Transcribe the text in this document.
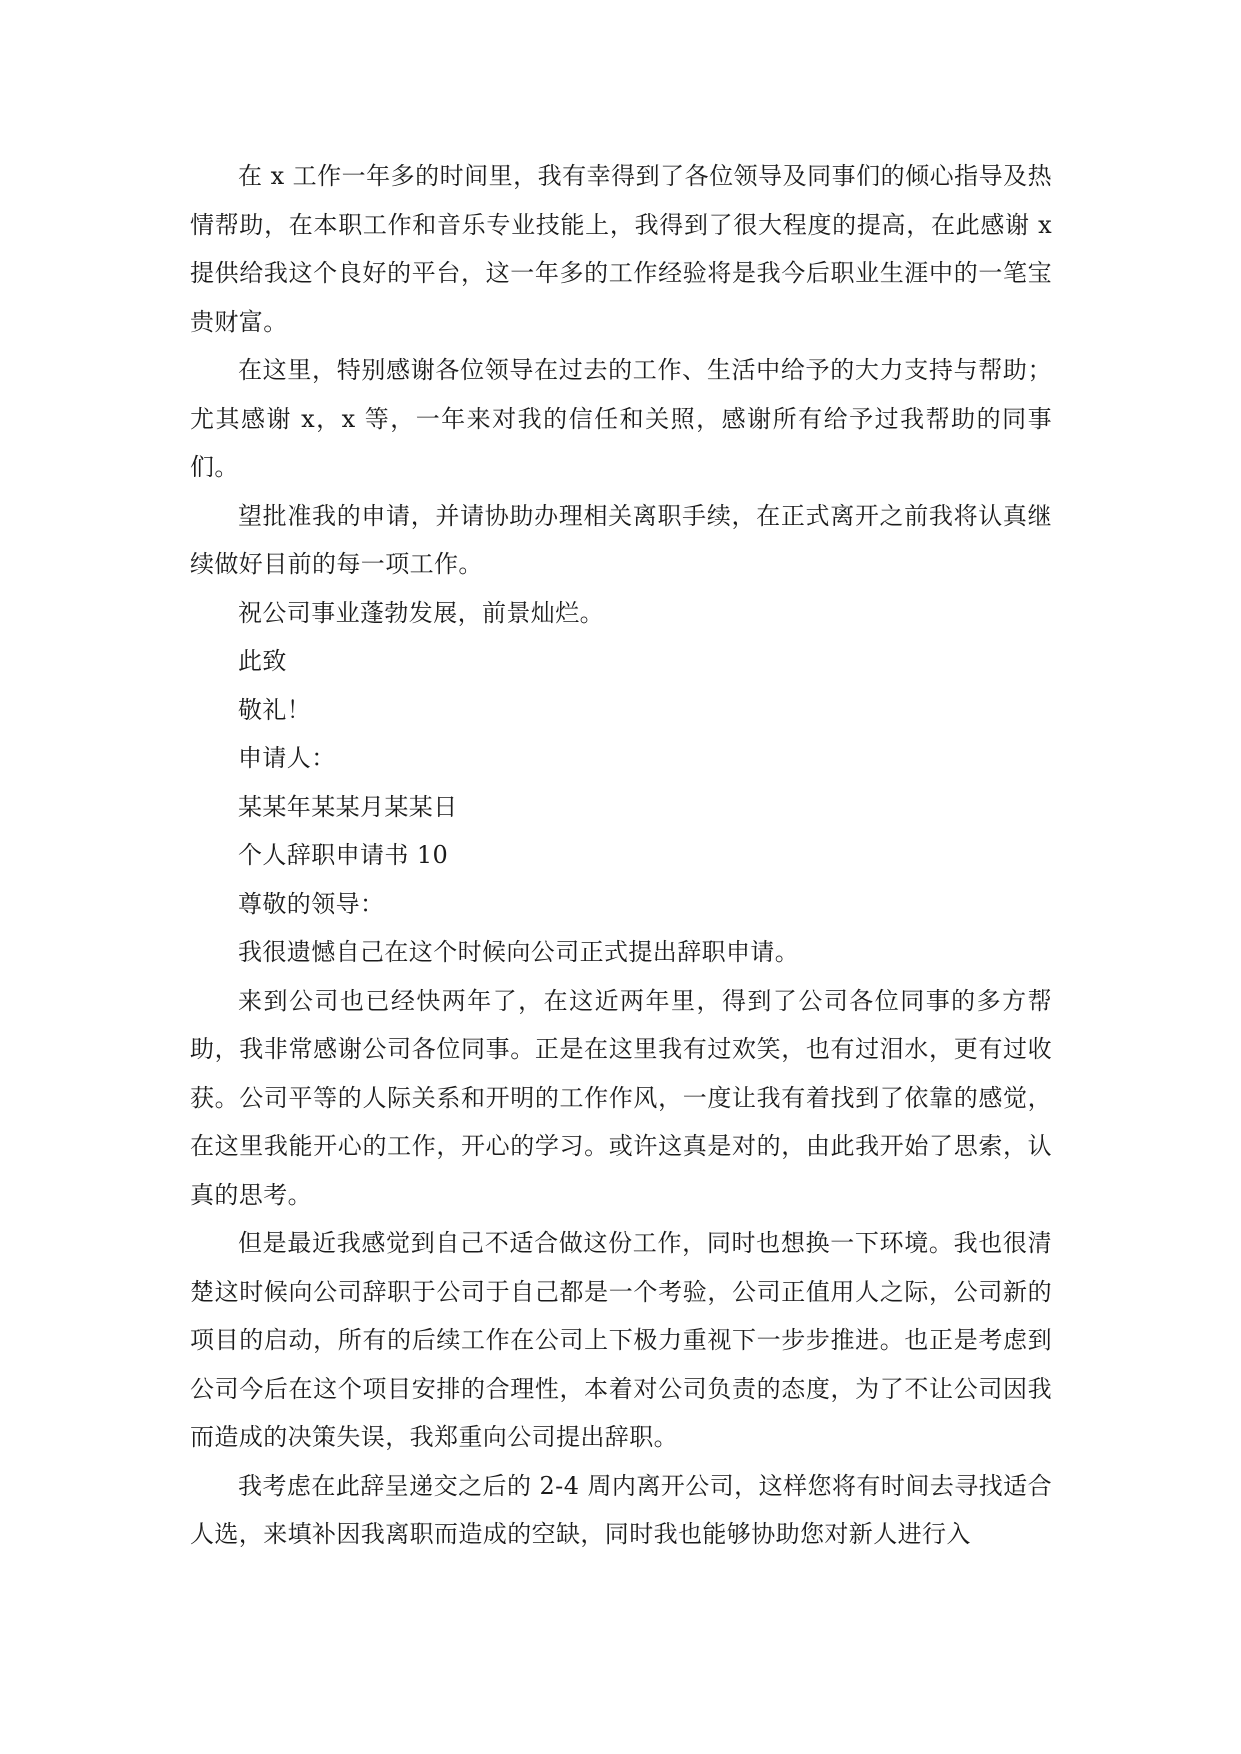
在 x 工作一年多的时间里，我有幸得到了各位领导及同事们的倾心指导及热情帮助，在本职工作和音乐专业技能上，我得到了很大程度的提高，在此感谢 x 提供给我这个良好的平台，这一年多的工作经验将是我今后职业生涯中的一笔宝贵财富。

在这里，特别感谢各位领导在过去的工作、生活中给予的大力支持与帮助；尤其感谢 x，x 等，一年来对我的信任和关照，感谢所有给予过我帮助的同事们。

望批准我的申请，并请协助办理相关离职手续，在正式离开之前我将认真继续做好目前的每一项工作。

祝公司事业蓬勃发展，前景灿烂。

此致

敬礼！

申请人：

某某年某某月某某日

个人辞职申请书 10

尊敬的领导：

我很遗憾自己在这个时候向公司正式提出辞职申请。

来到公司也已经快两年了，在这近两年里，得到了公司各位同事的多方帮助，我非常感谢公司各位同事。正是在这里我有过欢笑，也有过泪水，更有过收获。公司平等的人际关系和开明的工作作风，一度让我有着找到了依靠的感觉，在这里我能开心的工作，开心的学习。或许这真是对的，由此我开始了思索，认真的思考。

但是最近我感觉到自己不适合做这份工作，同时也想换一下环境。我也很清楚这时候向公司辞职于公司于自己都是一个考验，公司正值用人之际，公司新的项目的启动，所有的后续工作在公司上下极力重视下一步步推进。也正是考虑到公司今后在这个项目安排的合理性，本着对公司负责的态度，为了不让公司因我而造成的决策失误，我郑重向公司提出辞职。

我考虑在此辞呈递交之后的 2-4 周内离开公司，这样您将有时间去寻找适合人选，来填补因我离职而造成的空缺，同时我也能够协助您对新人进行入
